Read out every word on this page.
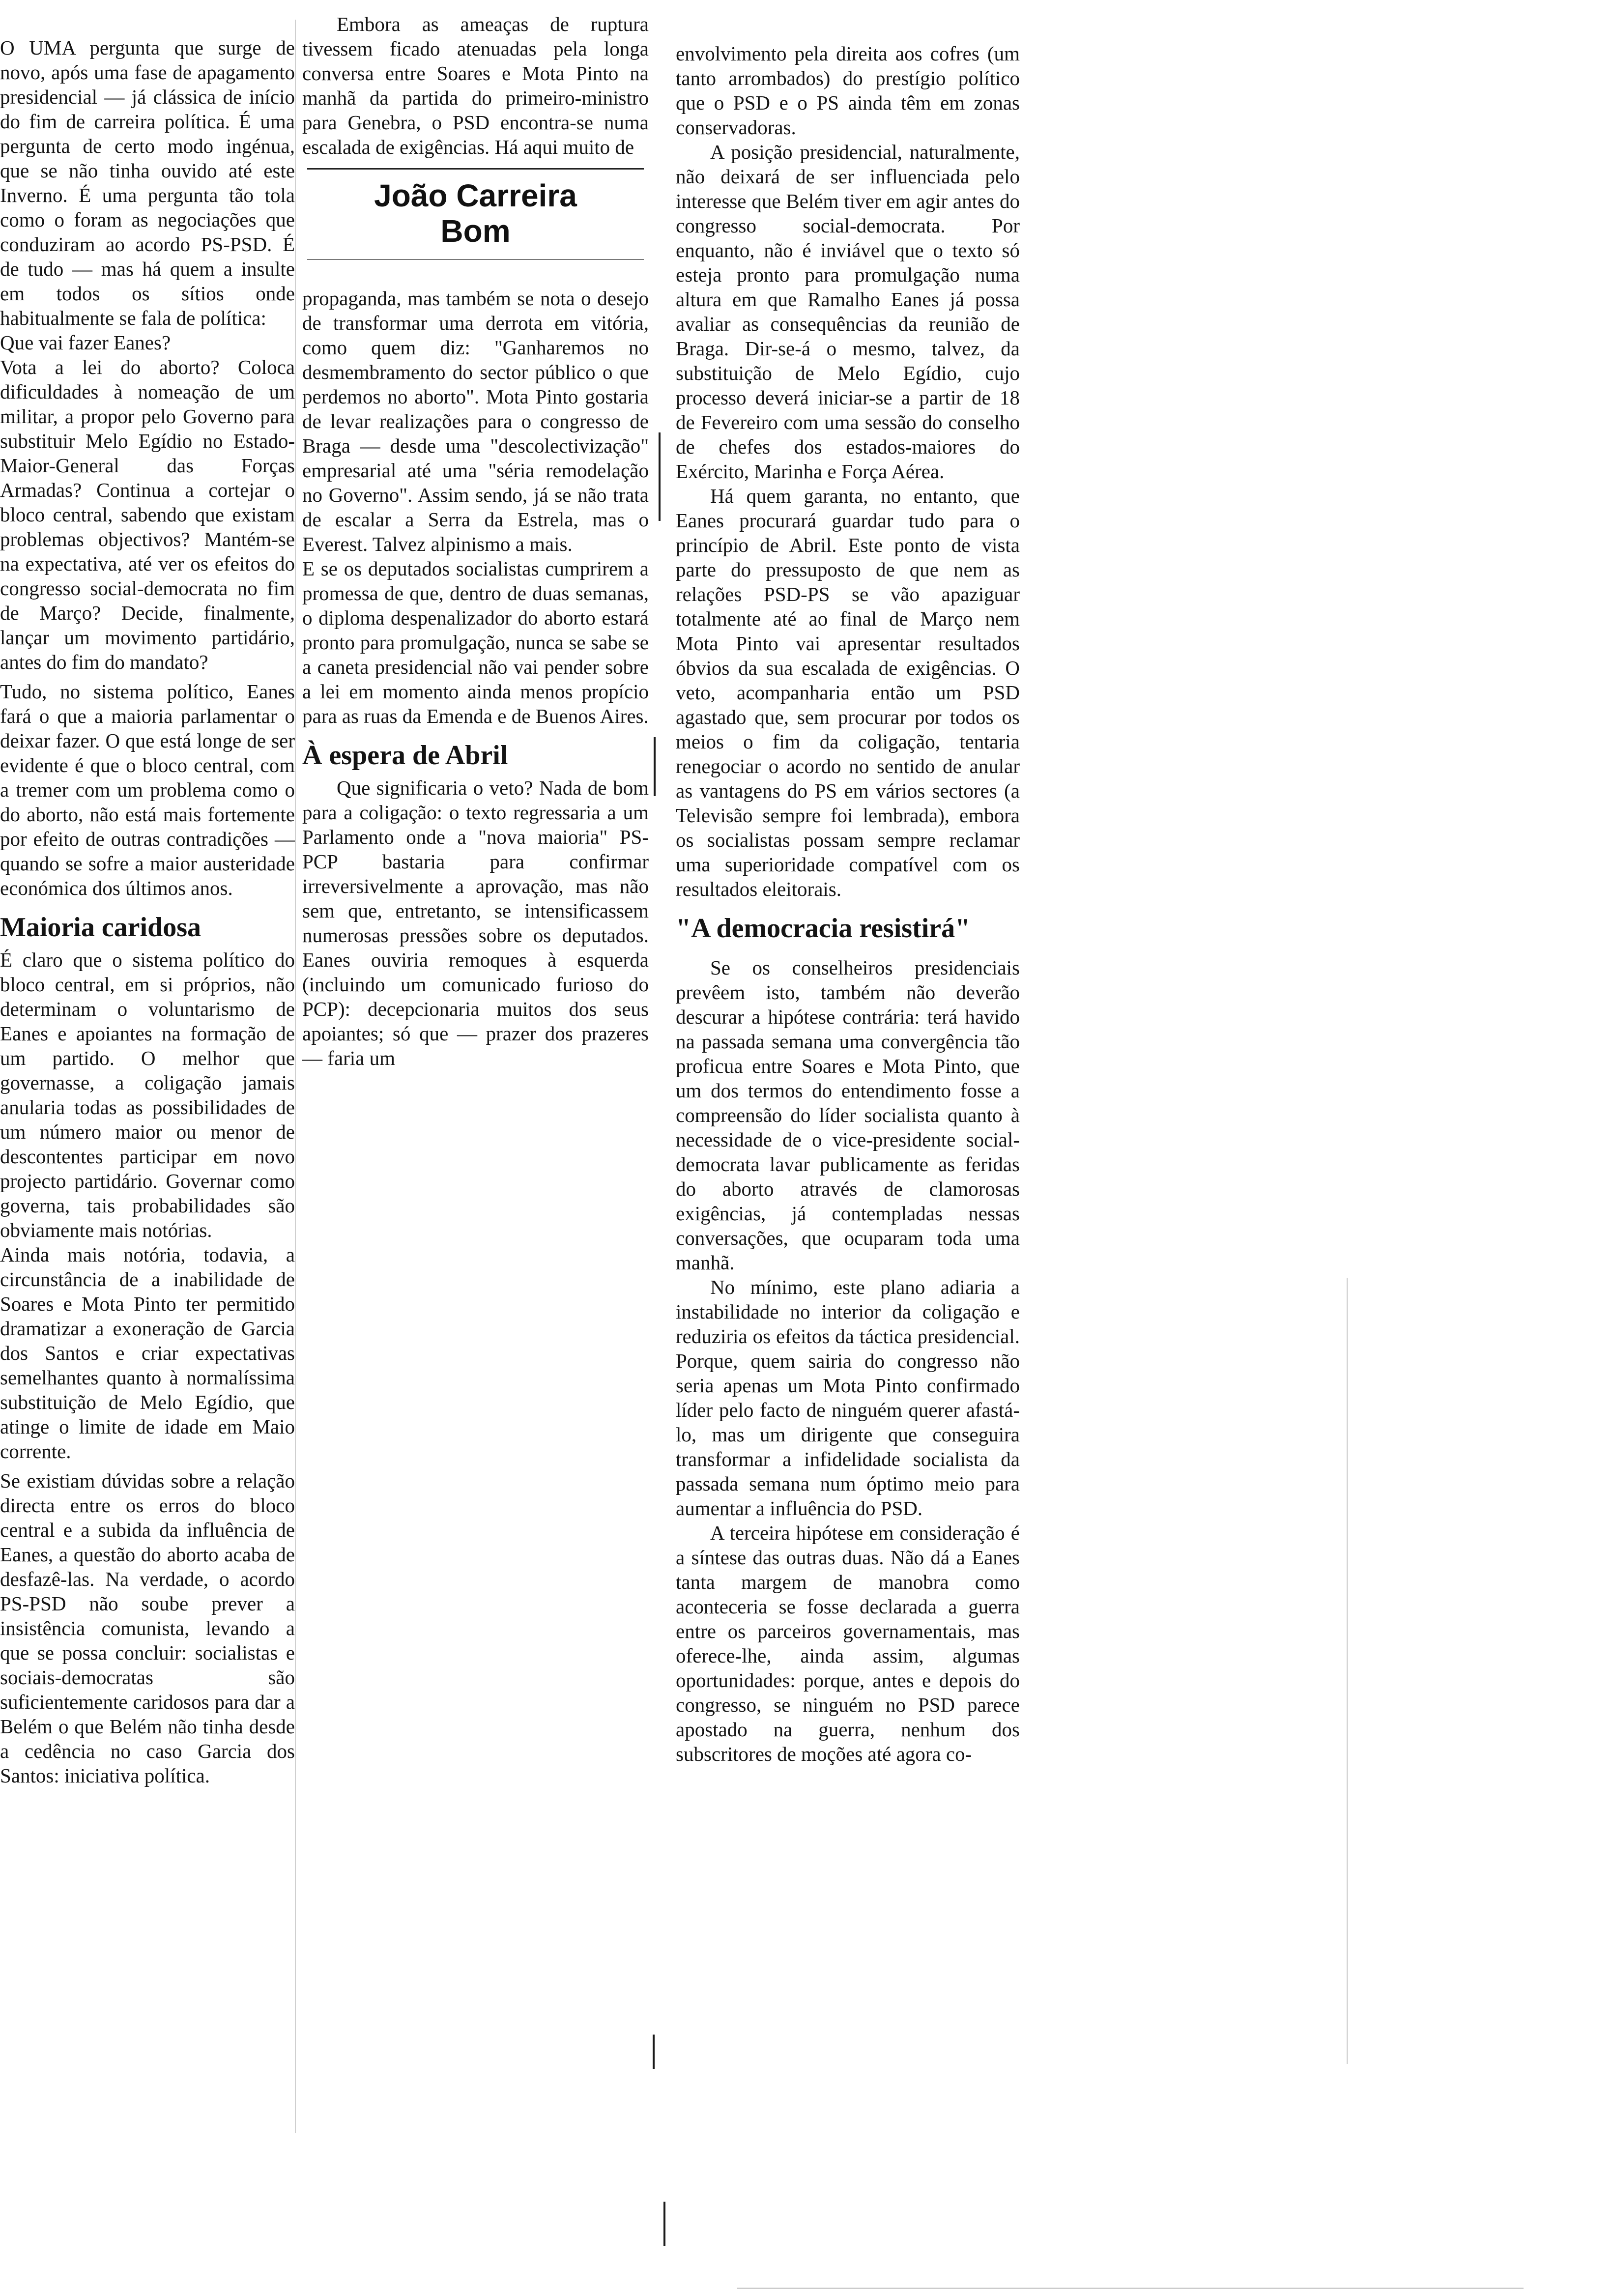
O UMA pergunta que surge de novo, após uma fase de apagamento presidencial — já clássica de início do fim de carreira política. É uma pergunta de certo modo ingénua, que se não tinha ouvido até este Inverno. É uma pergunta tão tola como o foram as negociações que conduziram ao acordo PS-PSD. É de tudo — mas há quem a insulte em todos os sítios onde habitualmente se fala de política:

Que vai fazer Eanes?

Vota a lei do aborto? Coloca dificuldades à nomeação de um militar, a propor pelo Governo para substituir Melo Egídio no Estado-Maior-General das Forças Armadas? Continua a cortejar o bloco central, sabendo que existam problemas objectivos? Mantém-se na expectativa, até ver os efeitos do congresso social-democrata no fim de Março? Decide, finalmente, lançar um movimento partidário, antes do fim do mandato?

Tudo, no sistema político, Eanes fará o que a maioria parlamentar o deixar fazer. O que está longe de ser evidente é que o bloco central, com a tremer com um problema como o do aborto, não está mais fortemente por efeito de outras contradições — quando se sofre a maior austeridade económica dos últimos anos.

Maioria caridosa

É claro que o sistema político do bloco central, em si próprios, não determinam o voluntarismo de Eanes e apoiantes na formação de um partido. O melhor que governasse, a coligação jamais anularia todas as possibilidades de um número maior ou menor de descontentes participar em novo projecto partidário. Governar como governa, tais probabilidades são obviamente mais notórias.

Ainda mais notória, todavia, a circunstância de a inabilidade de Soares e Mota Pinto ter permitido dramatizar a exoneração de Garcia dos Santos e criar expectativas semelhantes quanto à normalíssima substituição de Melo Egídio, que atinge o limite de idade em Maio corrente.

Se existiam dúvidas sobre a relação directa entre os erros do bloco central e a subida da influência de Eanes, a questão do aborto acaba de desfazê-las. Na verdade, o acordo PS-PSD não soube prever a insistência comunista, levando a que se possa concluir: socialistas e sociais-democratas são suficientemente caridosos para dar a Belém o que Belém não tinha desde a cedência no caso Garcia dos Santos: iniciativa política.

Embora as ameaças de ruptura tivessem ficado atenuadas pela longa conversa entre Soares e Mota Pinto na manhã da partida do primeiro-ministro para Genebra, o PSD encontra-se numa escalada de exigências. Há aqui muito de

João Carreira
Bom

propaganda, mas também se nota o desejo de transformar uma derrota em vitória, como quem diz: "Ganharemos no desmembramento do sector público o que perdemos no aborto". Mota Pinto gostaria de levar realizações para o congresso de Braga — desde uma "descolectivização" empresarial até uma "séria remodelação no Governo". Assim sendo, já se não trata de escalar a Serra da Estrela, mas o Everest. Talvez alpinismo a mais.

E se os deputados socialistas cumprirem a promessa de que, dentro de duas semanas, o diploma despenalizador do aborto estará pronto para promulgação, nunca se sabe se a caneta presidencial não vai pender sobre a lei em momento ainda menos propício para as ruas da Emenda e de Buenos Aires.

À espera de Abril

Que significaria o veto? Nada de bom para a coligação: o texto regressaria a um Parlamento onde a "nova maioria" PS-PCP bastaria para confirmar irreversivelmente a aprovação, mas não sem que, entretanto, se intensificassem numerosas pressões sobre os deputados. Eanes ouviria remoques à esquerda (incluindo um comunicado furioso do PCP): decepcionaria muitos dos seus apoiantes; só que — prazer dos prazeres — faria um

envolvimento pela direita aos cofres (um tanto arrombados) do prestígio político que o PSD e o PS ainda têm em zonas conservadoras.

A posição presidencial, naturalmente, não deixará de ser influenciada pelo interesse que Belém tiver em agir antes do congresso social-democrata. Por enquanto, não é inviável que o texto só esteja pronto para promulgação numa altura em que Ramalho Eanes já possa avaliar as consequências da reunião de Braga. Dir-se-á o mesmo, talvez, da substituição de Melo Egídio, cujo processo deverá iniciar-se a partir de 18 de Fevereiro com uma sessão do conselho de chefes dos estados-maiores do Exército, Marinha e Força Aérea.

Há quem garanta, no entanto, que Eanes procurará guardar tudo para o princípio de Abril. Este ponto de vista parte do pressuposto de que nem as relações PSD-PS se vão apaziguar totalmente até ao final de Março nem Mota Pinto vai apresentar resultados óbvios da sua escalada de exigências. O veto, acompanharia então um PSD agastado que, sem procurar por todos os meios o fim da coligação, tentaria renegociar o acordo no sentido de anular as vantagens do PS em vários sectores (a Televisão sempre foi lembrada), embora os socialistas possam sempre reclamar uma superioridade compatível com os resultados eleitorais.

"A democracia resistirá"

Se os conselheiros presidenciais prevêem isto, também não deverão descurar a hipótese contrária: terá havido na passada semana uma convergência tão proficua entre Soares e Mota Pinto, que um dos termos do entendimento fosse a compreensão do líder socialista quanto à necessidade de o vice-presidente social-democrata lavar publicamente as feridas do aborto através de clamorosas exigências, já contempladas nessas conversações, que ocuparam toda uma manhã.

No mínimo, este plano adiaria a instabilidade no interior da coligação e reduziria os efeitos da táctica presidencial. Porque, quem sairia do congresso não seria apenas um Mota Pinto confirmado líder pelo facto de ninguém querer afastá-lo, mas um dirigente que conseguira transformar a infidelidade socialista da passada semana num óptimo meio para aumentar a influência do PSD.

A terceira hipótese em consideração é a síntese das outras duas. Não dá a Eanes tanta margem de manobra como aconteceria se fosse declarada a guerra entre os parceiros governamentais, mas oferece-lhe, ainda assim, algumas oportunidades: porque, antes e depois do congresso, se ninguém no PSD parece apostado na guerra, nenhum dos subscritores de moções até agora co-
